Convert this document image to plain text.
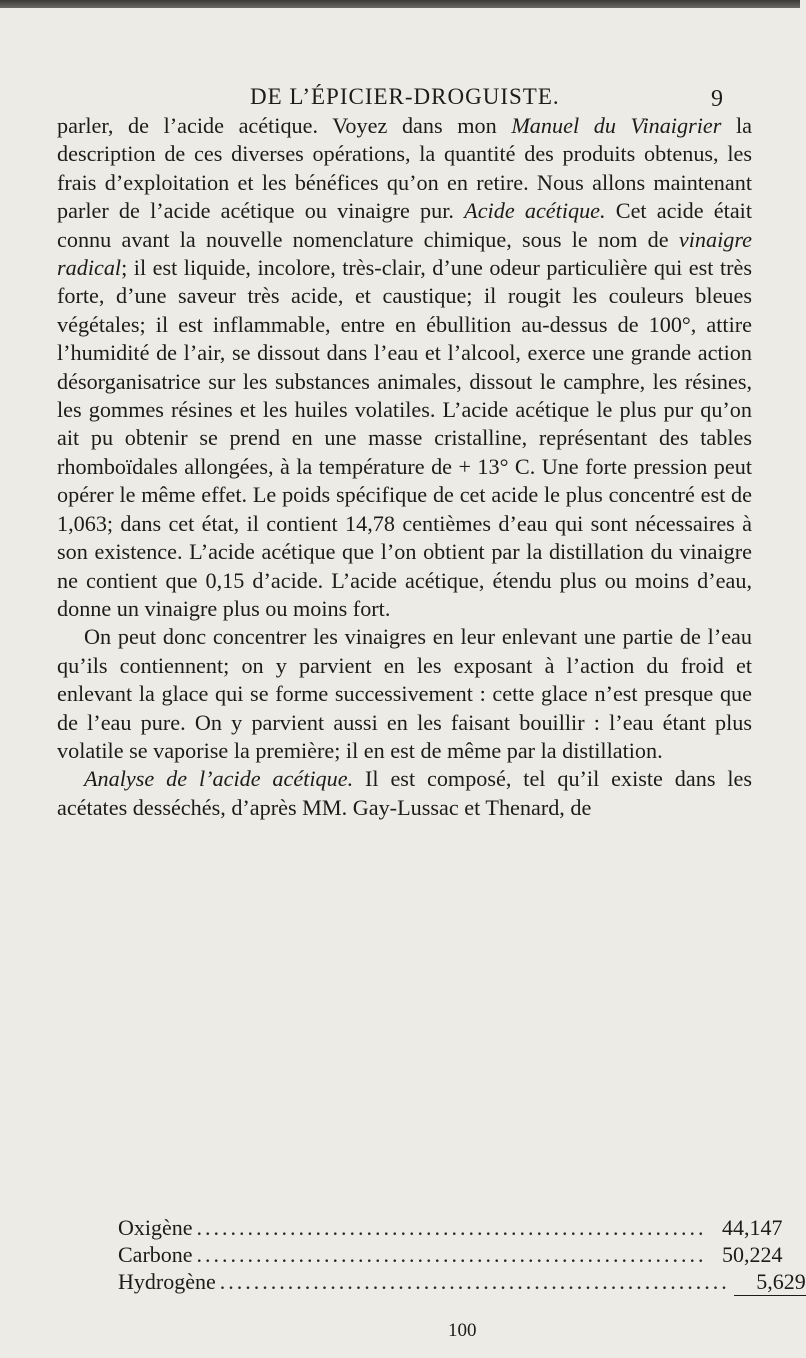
DE L’ÉPICIER-DROGUISTE.	9

parler, de l’acide acétique. Voyez dans mon Manuel du Vinaigrier la description de ces diverses opérations, la quantité des produits obtenus, les frais d’exploitation et les bénéfices qu’on en retire. Nous allons maintenant parler de l’acide acétique ou vinaigre pur. Acide acétique. Cet acide était connu avant la nouvelle nomenclature chimique, sous le nom de vinaigre radical; il est liquide, incolore, très-clair, d’une odeur particulière qui est très forte, d’une saveur très acide, et caustique; il rougit les couleurs bleues végétales; il est inflammable, entre en ébullition au-dessus de 100°, attire l’humidité de l’air, se dissout dans l’eau et l’alcool, exerce une grande action désorganisatrice sur les substances animales, dissout le camphre, les résines, les gommes résines et les huiles volatiles. L’acide acétique le plus pur qu’on ait pu obtenir se prend en une masse cristalline, représentant des tables rhomboïdales allongées, à la température de + 13° C. Une forte pression peut opérer le même effet. Le poids spécifique de cet acide le plus concentré est de 1,063; dans cet état, il contient 14,78 centièmes d’eau qui sont nécessaires à son existence. L’acide acétique que l’on obtient par la distillation du vinaigre ne contient que 0,15 d’acide. L’acide acétique, étendu plus ou moins d’eau, donne un vinaigre plus ou moins fort.

On peut donc concentrer les vinaigres en leur enlevant une partie de l’eau qu’ils contiennent; on y parvient en les exposant à l’action du froid et enlevant la glace qui se forme successivement : cette glace n’est presque que de l’eau pure. On y parvient aussi en les faisant bouillir : l’eau étant plus volatile se vaporise la première; il en est de même par la distillation.

Analyse de l’acide acétique. Il est composé, tel qu’il existe dans les acétates desséchés, d’après MM. Gay-Lussac et Thenard, de

Oxigène ............................................................ 44,147
Carbone ............................................................ 50,224
Hydrogène ............................................................	5,629
100
